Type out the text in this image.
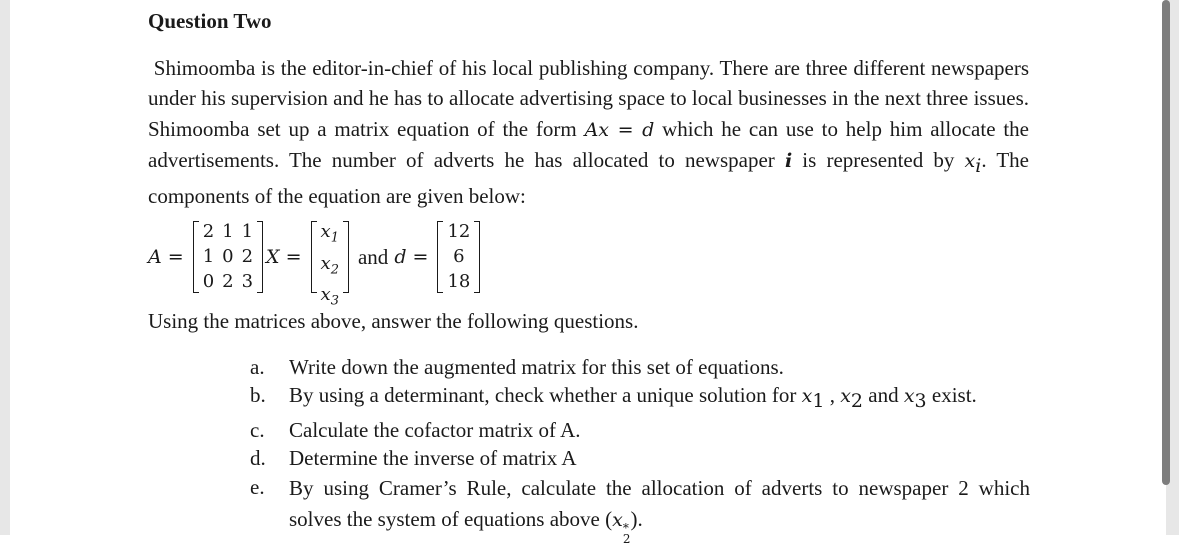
Question Two

Shimoomba is the editor-in-chief of his local publishing company. There are three different newspapers under his supervision and he has to allocate advertising space to local businesses in the next three issues. Shimoomba set up a matrix equation of the form Ax = d which he can use to help him allocate the advertisements. The number of adverts he has allocated to newspaper i is represented by $x_i$. The components of the equation are given below:

A =
2	1	1
1	0	2
0	2	3
X =
$x_1$
$x_2$
$x_3$
and d =
12
6
18

Using the matrices above, answer the following questions.

a.	Write down the augmented matrix for this set of equations.
b.	By using a determinant, check whether a unique solution for $x_1$ , $x_2$ and $x_3$ exist.
c.	Calculate the cofactor matrix of A.
d.	Determine the inverse of matrix A
e.	By using Cramer’s Rule, calculate the allocation of adverts to newspaper 2 which solves the system of equations above (x *
2
).
